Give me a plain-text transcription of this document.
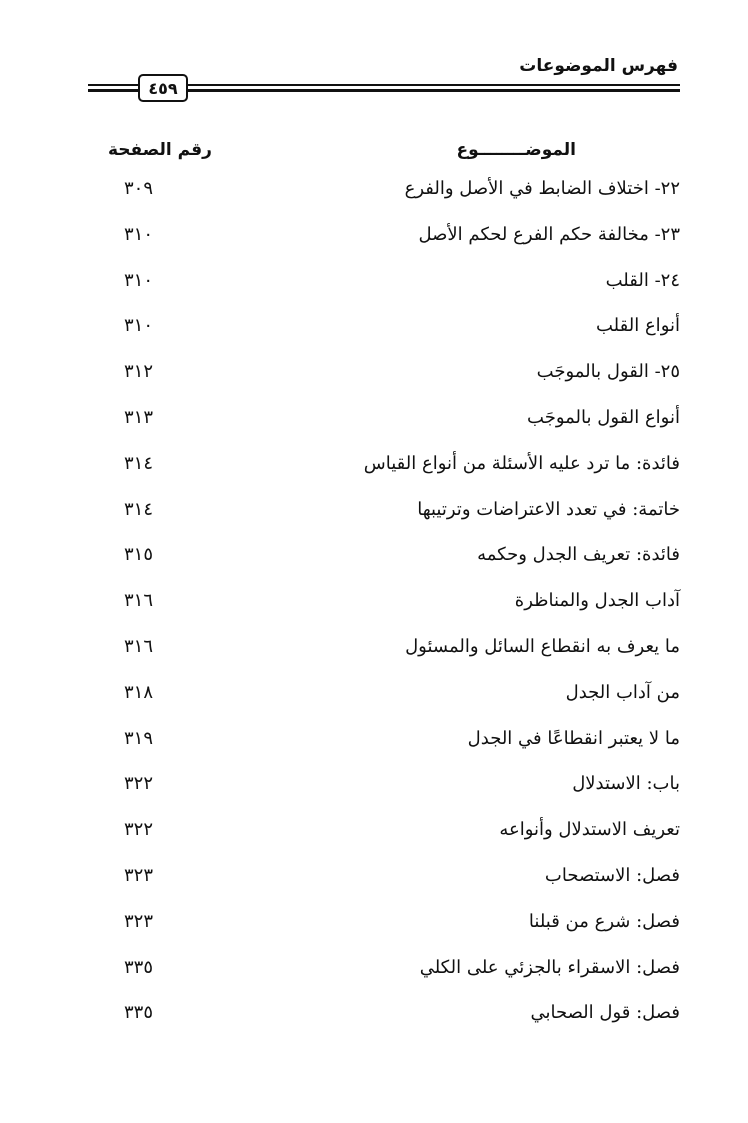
فهرس الموضوعات
٤٥٩
الموضــــــــوع
رقم الصفحة
٢٢- اختلاف الضابط في الأصل والفرع
٣٠٩
٢٣- مخالفة حكم الفرع لحكم الأصل
٣١٠
٢٤- القلب
٣١٠
أنواع القلب
٣١٠
٢٥- القول بالموجَب
٣١٢
أنواع القول بالموجَب
٣١٣
فائدة: ما ترد عليه الأسئلة من أنواع القياس
٣١٤
خاتمة: في تعدد الاعتراضات وترتيبها
٣١٤
فائدة: تعريف الجدل وحكمه
٣١٥
آداب الجدل والمناظرة
٣١٦
ما يعرف به انقطاع السائل والمسئول
٣١٦
من آداب الجدل
٣١٨
ما لا يعتبر انقطاعًا في الجدل
٣١٩
باب: الاستدلال
٣٢٢
تعريف الاستدلال وأنواعه
٣٢٢
فصل: الاستصحاب
٣٢٣
فصل: شرع من قبلنا
٣٢٣
فصل: الاسقراء بالجزئي على الكلي
٣٣٥
فصل: قول الصحابي
٣٣٥
